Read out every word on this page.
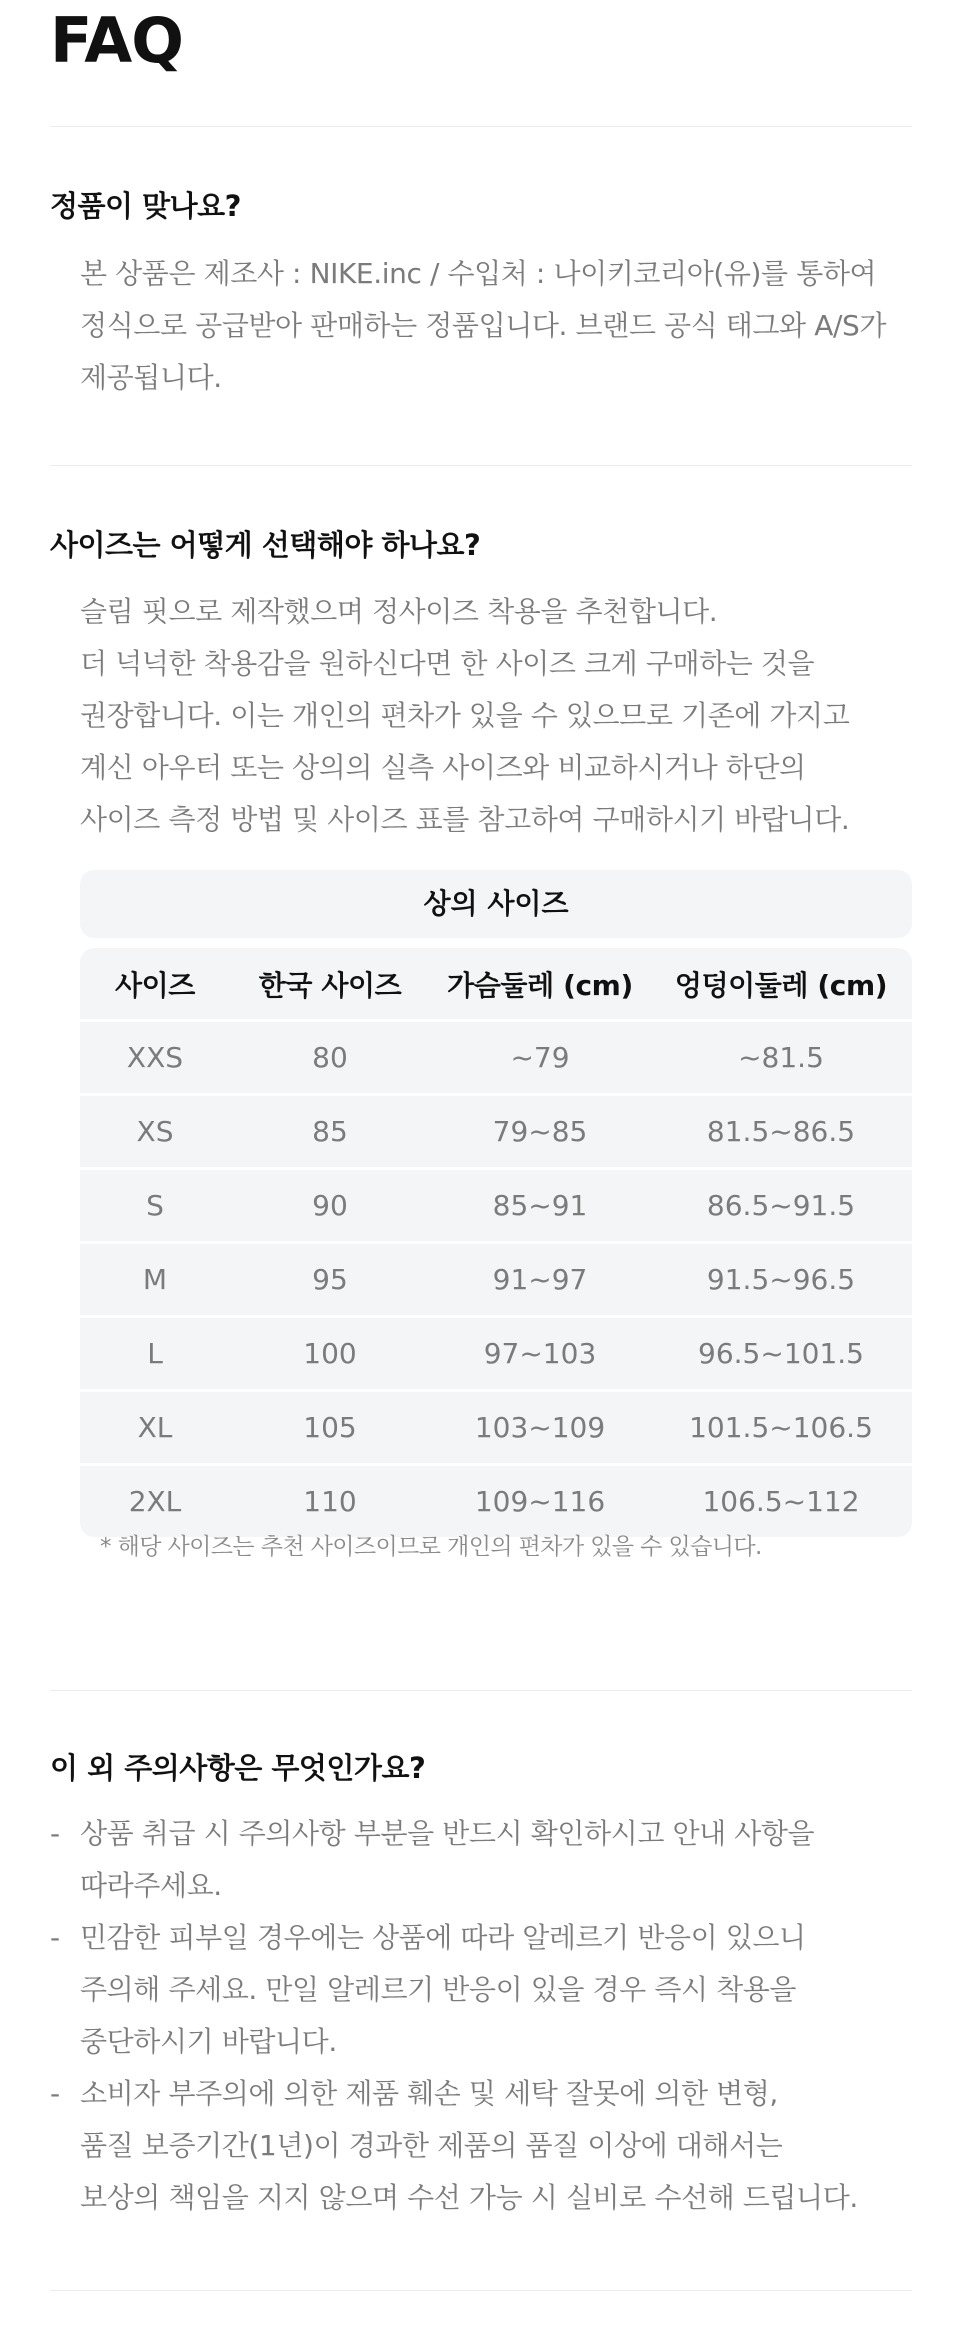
FAQ
정품이 맞나요?
본 상품은 제조사 : NIKE.inc / 수입처 : 나이키코리아(유)를 통하여
정식으로 공급받아 판매하는 정품입니다. 브랜드 공식 태그와 A/S가
제공됩니다.
사이즈는 어떻게 선택해야 하나요?
슬림 핏으로 제작했으며 정사이즈 착용을 추천합니다.
더 넉넉한 착용감을 원하신다면 한 사이즈 크게 구매하는 것을
권장합니다. 이는 개인의 편차가 있을 수 있으므로 기존에 가지고
계신 아우터 또는 상의의 실측 사이즈와 비교하시거나 하단의
사이즈 측정 방법 및 사이즈 표를 참고하여 구매하시기 바랍니다.
상의 사이즈
사이즈	한국 사이즈	가슴둘레 (cm)	엉덩이둘레 (cm)
XXS	80	~79	~81.5
XS	85	79~85	81.5~86.5
S	90	85~91	86.5~91.5
M	95	91~97	91.5~96.5
L	100	97~103	96.5~101.5
XL	105	103~109	101.5~106.5
2XL	110	109~116	106.5~112
* 해당 사이즈는 추천 사이즈이므로 개인의 편차가 있을 수 있습니다.
이 외 주의사항은 무엇인가요?
- 상품 취급 시 주의사항 부분을 반드시 확인하시고 안내 사항을
따라주세요.
- 민감한 피부일 경우에는 상품에 따라 알레르기 반응이 있으니
주의해 주세요. 만일 알레르기 반응이 있을 경우 즉시 착용을
중단하시기 바랍니다.
- 소비자 부주의에 의한 제품 훼손 및 세탁 잘못에 의한 변형,
품질 보증기간(1년)이 경과한 제품의 품질 이상에 대해서는
보상의 책임을 지지 않으며 수선 가능 시 실비로 수선해 드립니다.
